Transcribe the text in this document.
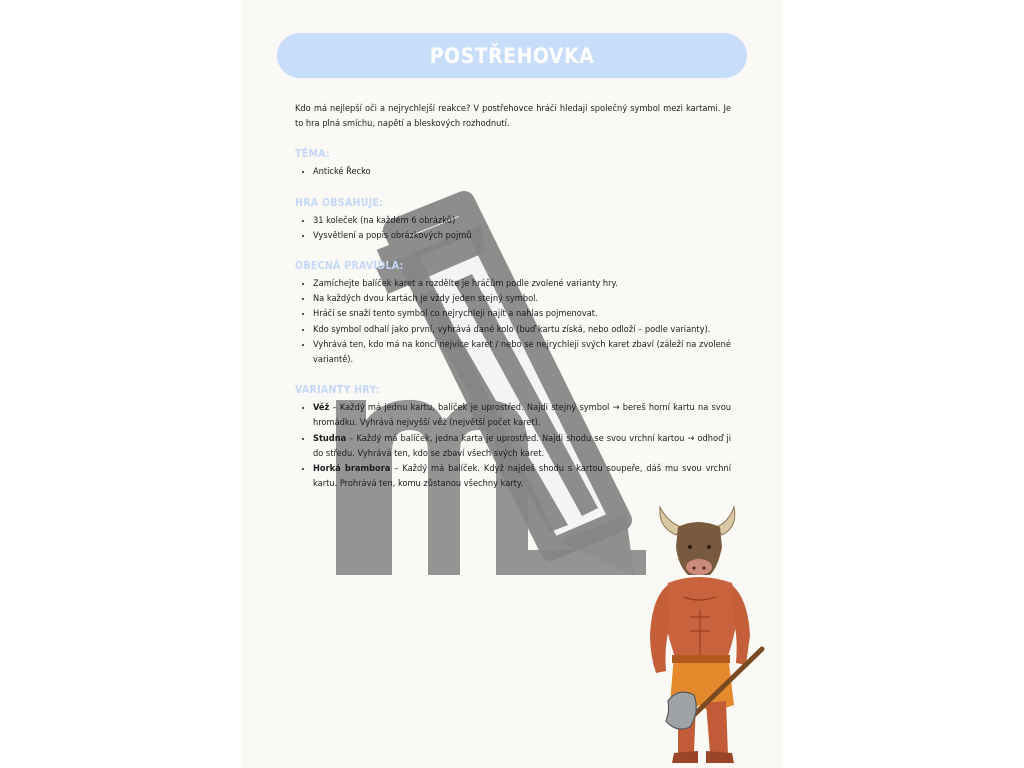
POSTŘEHOVKA

Kdo má nejlepší oči a nejrychlejší reakce? V postřehovce hráči hledají společný symbol mezi kartami. Je to hra plná smíchu, napětí a bleskových rozhodnutí.

TÉMA:
• Antické Řecko
HRA OBSAHUJE:
• 31 koleček (na každém 6 obrázků)
• Vysvětlení a popis obrázkových pojmů
OBECNÁ PRAVIDLA:
• Zamíchejte balíček karet a rozdělte je hráčům podle zvolené varianty hry.
• Na každých dvou kartách je vždy jeden stejný symbol.
• Hráči se snaží tento symbol co nejrychleji najít a nahlas pojmenovat.
• Kdo symbol odhalí jako první, vyhrává dané kolo (buď kartu získá, nebo odloží – podle varianty).
• Vyhrává ten, kdo má na konci nejvíce karet / nebo se nejrychleji svých karet zbaví (záleží na zvolené variantě).
VARIANTY HRY:
• Věž – Každý má jednu kartu, balíček je uprostřed. Najdi stejný symbol → bereš horní kartu na svou hromádku. Vyhrává nejvyšší věž (největší počet karet).
• Studna – Každý má balíček, jedna karta je uprostřed. Najdi shodu se svou vrchní kartou → odhoď ji do středu. Vyhrává ten, kdo se zbaví všech svých karet.
• Horká brambora – Každý má balíček. Když najdeš shodu s kartou soupeře, dáš mu svou vrchní kartu. Prohrává ten, komu zůstanou všechny karty.
